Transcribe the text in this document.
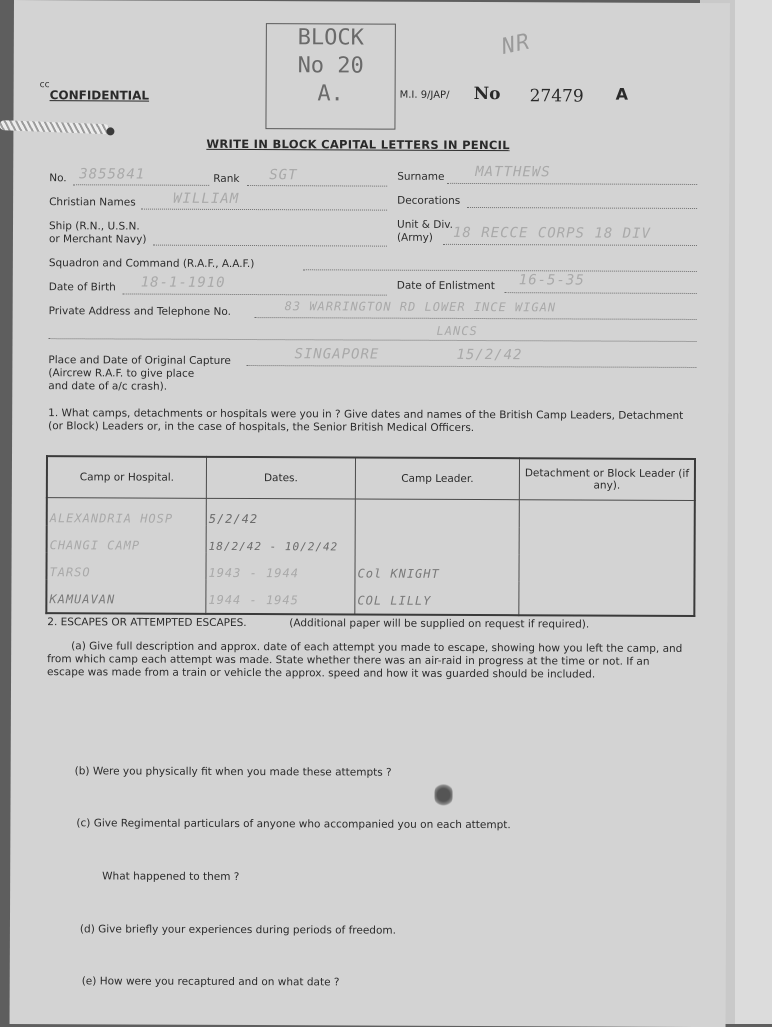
cc
CONFIDENTIAL
BLOCK
No 20
A.
NR
M.I. 9/JAP/ No 27479 A
WRITE IN BLOCK CAPITAL LETTERS IN PENCIL
No. 3855841	Rank SGT	Surname MATTHEWS
Christian Names	WILLIAM	Decorations
Ship (R.N., U.S.N.
or Merchant Navy)
Unit & Div.
(Army) 18 RECCE CORPS 18 DIV
Squadron and Command (R.A.F., A.A.F.)
Date of Birth 18-1-1910	Date of Enlistment 16-5-35
Private Address and Telephone No.	83 WARRINGTON RD LOWER INCE WIGAN
LANCS
Place and Date of Original Capture
(Aircrew R.A.F. to give place
and date of a/c crash).
SINGAPORE	15/2/42
1. What camps, detachments or hospitals were you in ? Give dates and names of the British Camp Leaders, Detachment
(or Block) Leaders or, in the case of hospitals, the Senior British Medical Officers.
Camp or Hospital.	Dates.	Camp Leader.	Detachment or Block Leader (if any).

ALEXANDRIA HOSP	5/2/42		

CHANGI CAMP	18/2/42 - 10/2/42		

TARSO	1943 - 1944	Col KNIGHT	

KAMUAVAN	1944 - 1945	COL LILLY	

2. ESCAPES OR ATTEMPTED ESCAPES.	(Additional paper will be supplied on request if required).
(a) Give full description and approx. date of each attempt you made to escape, showing how you left the camp, and
from which camp each attempt was made. State whether there was an air-raid in progress at the time or not. If an
escape was made from a train or vehicle the approx. speed and how it was guarded should be included.
(b) Were you physically fit when you made these attempts ?
(c) Give Regimental particulars of anyone who accompanied you on each attempt.
What happened to them ?
(d) Give briefly your experiences during periods of freedom.
(e) How were you recaptured and on what date ?
